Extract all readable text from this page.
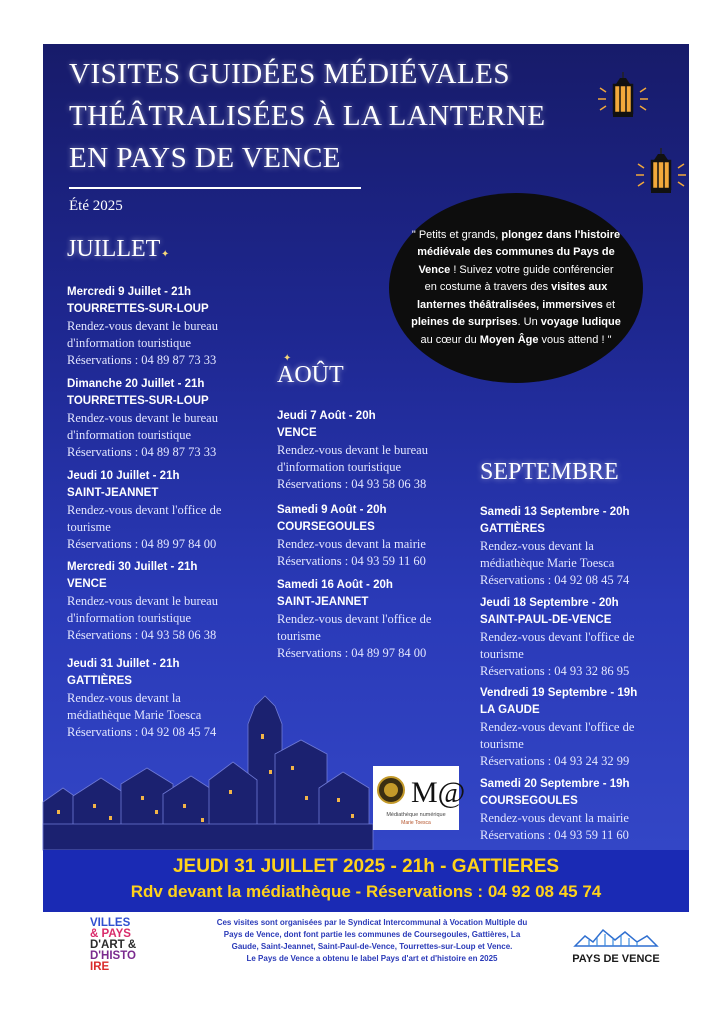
VISITES GUIDÉES MÉDIÉVALES
THÉÂTRALISÉES À LA LANTERNE
EN PAYS DE VENCE
Été 2025
" Petits et grands, plongez dans l'histoire médiévale des communes du Pays de Vence ! Suivez votre guide conférencier en costume à travers des visites aux lanternes théâtralisées, immersives et pleines de surprises. Un voyage ludique au cœur du Moyen Âge vous attend ! "
JUILLET ✦
Mercredi 9 Juillet - 21h
TOURRETTES-SUR-LOUP
Rendez-vous devant le bureau d'information touristique
Réservations : 04 89 87 73 33
Dimanche 20 Juillet - 21h
TOURRETTES-SUR-LOUP
Rendez-vous devant le bureau d'information touristique
Réservations : 04 89 87 73 33
Jeudi 10 Juillet - 21h
SAINT-JEANNET
Rendez-vous devant l'office de tourisme
Réservations : 04 89 97 84 00
Mercredi 30 Juillet - 21h
VENCE
Rendez-vous devant le bureau d'information touristique
Réservations : 04 93 58 06 38
Jeudi 31 Juillet - 21h
GATTIÈRES
Rendez-vous devant la médiathèque Marie Toesca
Réservations : 04 92 08 45 74
✦
AOÛT
Jeudi 7 Août - 20h
VENCE
Rendez-vous devant le bureau d'information touristique
Réservations : 04 93 58 06 38
Samedi 9 Août - 20h
COURSEGOULES
Rendez-vous devant la mairie
Réservations : 04 93 59 11 60
Samedi 16 Août - 20h
SAINT-JEANNET
Rendez-vous devant l'office de tourisme
Réservations : 04 89 97 84 00
SEPTEMBRE
Samedi 13 Septembre - 20h
GATTIÈRES
Rendez-vous devant la médiathèque Marie Toesca
Réservations : 04 92 08 45 74
Jeudi 18 Septembre - 20h
SAINT-PAUL-DE-VENCE
Rendez-vous devant l'office de tourisme
Réservations : 04 93 32 86 95
Vendredi 19 Septembre - 19h
LA GAUDE
Rendez-vous devant l'office de tourisme
Réservations : 04 93 24 32 99
Samedi 20 Septembre - 19h
COURSEGOULES
Rendez-vous devant la mairie
Réservations : 04 93 59 11 60
M@
Médiathèque numérique
Marie Toesca
JEUDI 31 JUILLET 2025 - 21h - GATTIERES
Rdv devant la médiathèque - Réservations : 04 92 08 45 74
VILLES
& PAYS
D'ART &
D'HISTO
IRE
Ces visites sont organisées par le Syndicat Intercommunal à Vocation Multiple du Pays de Vence, dont font partie les communes de Coursegoules, Gattières, La Gaude, Saint-Jeannet, Saint-Paul-de-Vence, Tourrettes-sur-Loup et Vence.
Le Pays de Vence a obtenu le label Pays d'art et d'histoire en 2025	PAYS DE VENCE
